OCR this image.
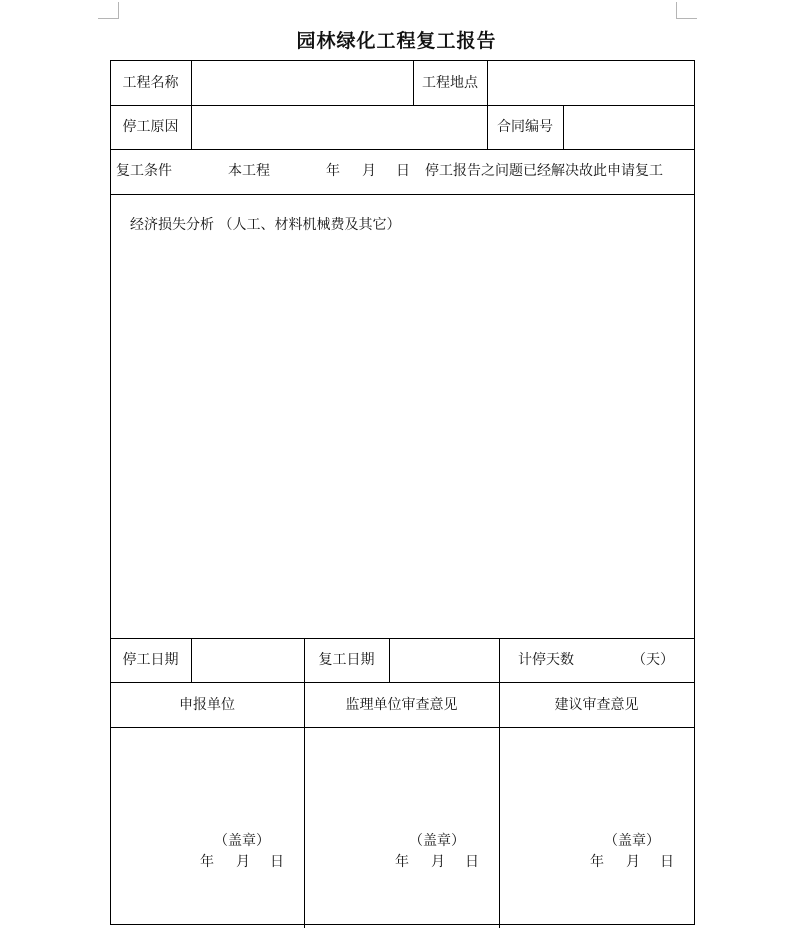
园林绿化工程复工报告
工程名称	工程地点
停工原因	合同编号
复工条件	本工程	年 月 日 停工报告之问题已经解决故此申请复工
经济损失分析 （人工、材料机械费及其它）
停工日期	复工日期	计停天数	（天）
申报单位	监理单位审查意见	建议审查意见
（盖章）
年 月 日
（盖章）
年 月 日
（盖章）
年 月 日
